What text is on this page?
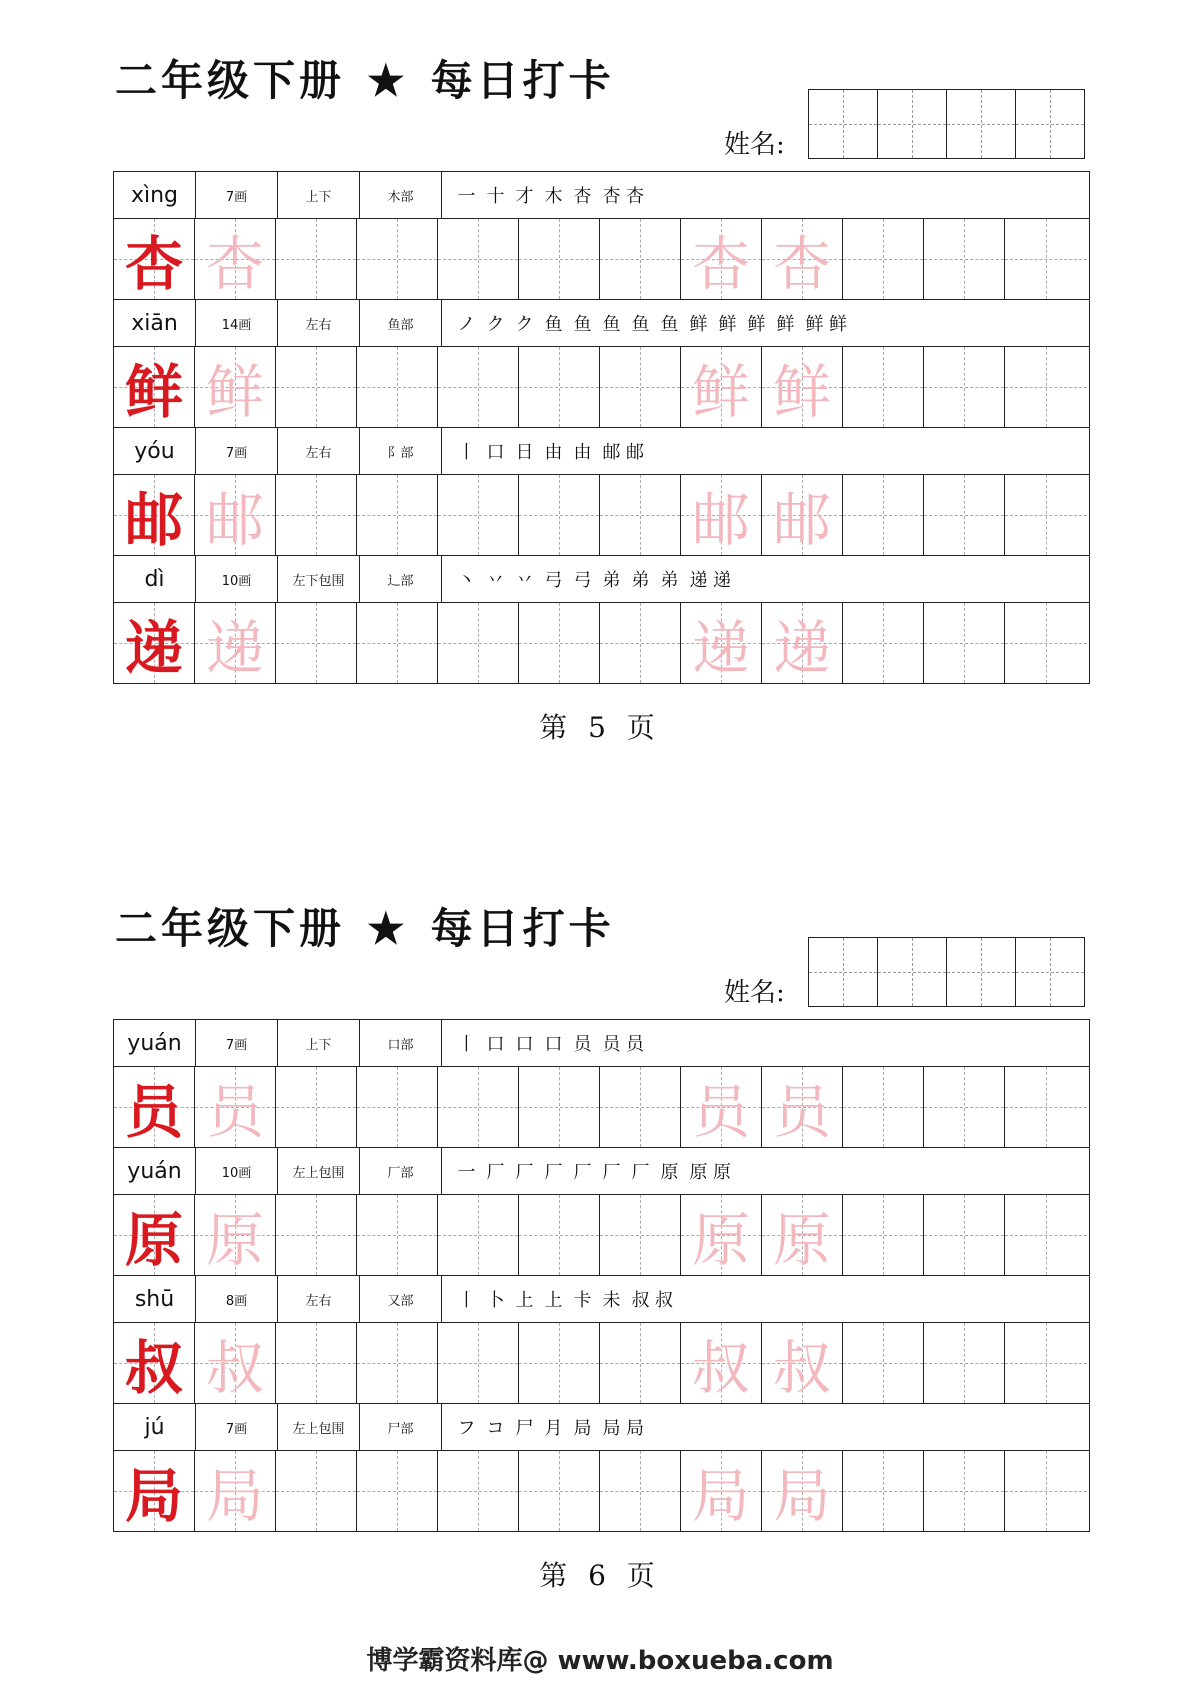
二年级下册 ★ 每日打卡
姓名:
xìng	7画	上下	木部	一 十 才 木 杏 杏 杏
杏 杏	杏 杏
xiān	14画	左右	鱼部	ノ ク ク 鱼 鱼 鱼 鱼 鱼 鲜 鲜 鲜 鲜 鲜 鲜
鲜 鲜	鲜 鲜
yóu	7画	左右	阝部	丨 口 日 由 由 邮 邮
邮 邮	邮 邮
dì	10画	左下包围	辶部	丶 丷 丷 弓 弓 弟 弟 弟 递 递
递 递	递 递
第 5 页
二年级下册 ★ 每日打卡
姓名:
yuán	7画	上下	口部	丨 口 口 口 员 员 员
员 员	员 员
yuán	10画	左上包围	厂部	一 厂 厂 厂 厂 厂 厂 原 原 原
原 原	原 原
shū	8画	左右	又部	丨 卜 上 上 卡 未 叔 叔
叔 叔	叔 叔
jú	7画	左上包围	尸部	フ コ 尸 月 局 局 局
局 局	局 局
第 6 页
博学霸资料库@ www.boxueba.com
